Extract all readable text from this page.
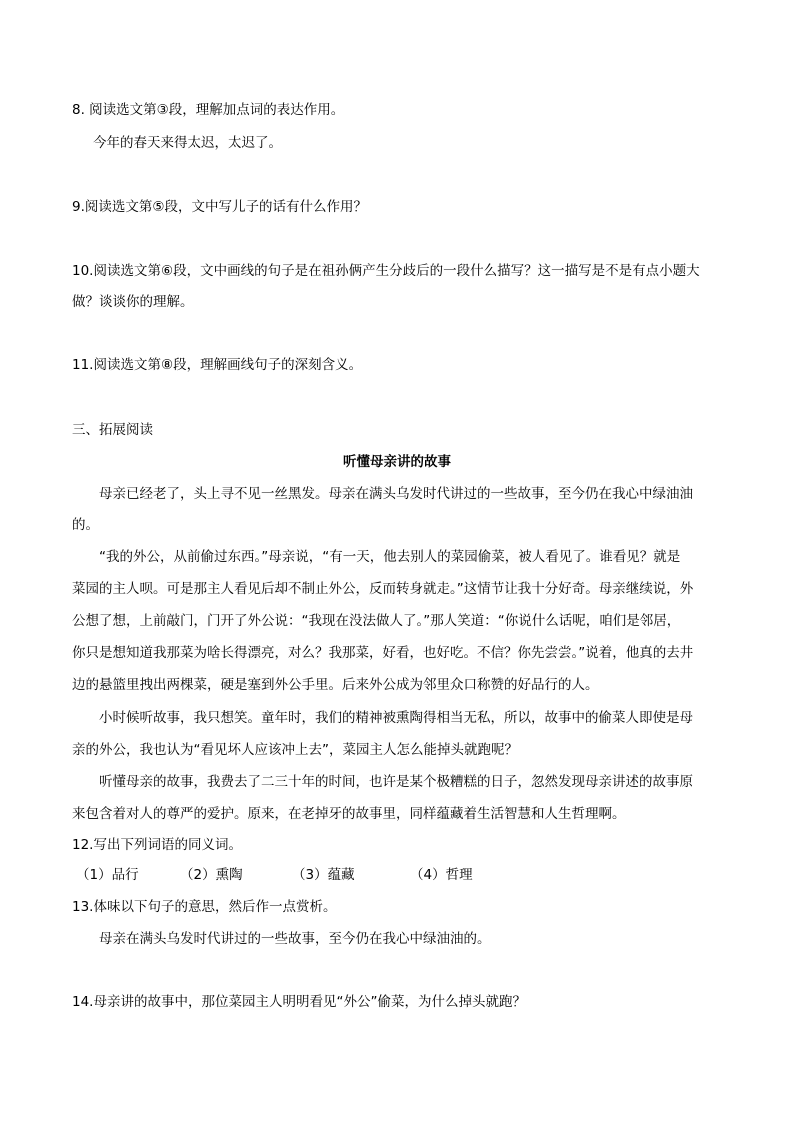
8. 阅读选文第③段，理解加点词的表达作用。
今年的春天来得太迟，太迟了。
9.阅读选文第⑤段，文中写儿子的话有什么作用？
10.阅读选文第⑥段，文中画线的句子是在祖孙俩产生分歧后的一段什么描写？这一描写是不是有点小题大
做？谈谈你的理解。
11.阅读选文第⑧段，理解画线句子的深刻含义。
三、拓展阅读
听懂母亲讲的故事
母亲已经老了，头上寻不见一丝黑发。母亲在满头乌发时代讲过的一些故事，至今仍在我心中绿油油
的。
“我的外公，从前偷过东西。”母亲说，“有一天，他去别人的菜园偷菜，被人看见了。谁看见？就是
菜园的主人呗。可是那主人看见后却不制止外公，反而转身就走。”这情节让我十分好奇。母亲继续说，外
公想了想，上前敲门，门开了外公说：“我现在没法做人了。”那人笑道：“你说什么话呢，咱们是邻居，
你只是想知道我那菜为啥长得漂亮，对么？我那菜，好看，也好吃。不信？你先尝尝。”说着，他真的去井
边的悬篮里拽出两棵菜，硬是塞到外公手里。后来外公成为邻里众口称赞的好品行的人。
小时候听故事，我只想笑。童年时，我们的精神被熏陶得相当无私，所以，故事中的偷菜人即使是母
亲的外公，我也认为“看见坏人应该冲上去”，菜园主人怎么能掉头就跑呢？
听懂母亲的故事，我费去了二三十年的时间，也许是某个极糟糕的日子，忽然发现母亲讲述的故事原
来包含着对人的尊严的爱护。原来，在老掉牙的故事里，同样蕴藏着生活智慧和人生哲理啊。
12.写出下列词语的同义词。
（1）品行	（2）熏陶	（3）蕴藏	（4）哲理
13.体味以下句子的意思，然后作一点赏析。
母亲在满头乌发时代讲过的一些故事，至今仍在我心中绿油油的。
14.母亲讲的故事中，那位菜园主人明明看见“外公”偷菜，为什么掉头就跑？
